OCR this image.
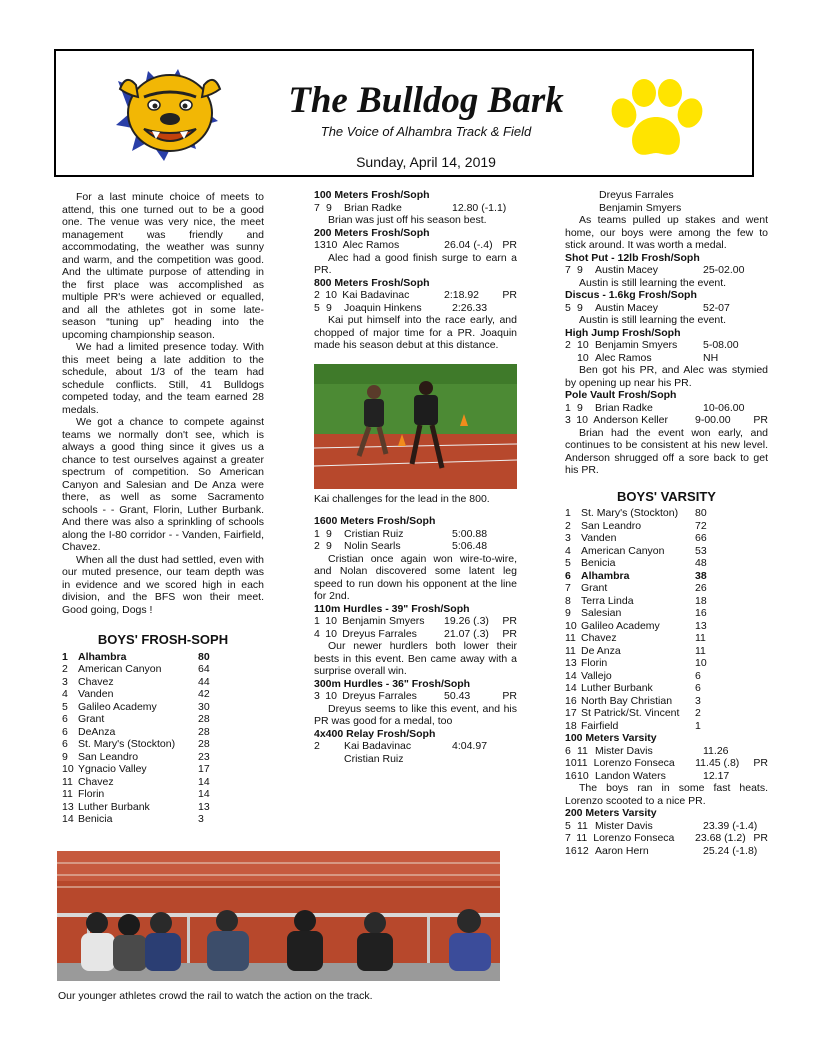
The Bulldog Bark
The Voice of Alhambra Track & Field
Sunday, April 14, 2019

For a last minute choice of meets to attend, this one turned out to be a good one. The venue was very nice, the meet management was friendly and accommodating, the weather was sunny and warm, and the competition was good. And the ultimate purpose of attending in the first place was accomplished as multiple PR's were achieved or equalled, and all the athletes got in some late-season “tuning up” heading into the upcoming championship season.

We had a limited presence today. With this meet being a late addition to the schedule, about 1/3 of the team had schedule conflicts. Still, 41 Bulldogs competed today, and the team earned 28 medals.

We got a chance to compete against teams we normally don't see, which is always a good thing since it gives us a chance to test ourselves against a greater spectrum of competition. So American Canyon and Salesian and De Anza were there, as well as some Sacramento schools - - Grant, Florin, Luther Burbank. And there was also a sprinkling of schools along the I-80 corridor - - Vanden, Fairfield, Chavez.

When all the dust had settled, even with our muted presence, our team depth was in evidence and we scored high in each division, and the BFS won their meet. Good going, Dogs !

BOYS' FROSH-SOPH
1 Alhambra	80
2 American Canyon	64
3 Chavez	44
4 Vanden	42
5 Galileo Academy	30
6 Grant	28
6 DeAnza	28
6 St. Mary's (Stockton)	28
9 San Leandro	23
10 Ygnacio Valley	17
11 Chavez	14
11 Florin	14
13 Luther Burbank	13
14 Benicia	3
Our younger athletes crowd the rail to watch the action on the track.
100 Meters Frosh/Soph
7 9	Brian Radke	12.80 (-1.1)
Brian was just off his season best.
200 Meters Frosh/Soph
13 10 Alec Ramos	26.04 (-.4) PR
Alec had a good finish surge to earn a PR.
800 Meters Frosh/Soph
2 10 Kai Badavinac	2:18.92	PR
5 9	Joaquin Hinkens	2:26.33
Kai put himself into the race early, and chopped of major time for a PR. Joaquin made his season debut at this distance.
Kai challenges for the lead in the 800.
1600 Meters Frosh/Soph
1 9	Cristian Ruiz	5:00.88
2 9	Nolin Searls	5:06.48
Cristian once again won wire-to-wire, and Nolan discovered some latent leg speed to run down his opponent at the line for 2nd.
110m Hurdles - 39" Frosh/Soph
1 10 Benjamin Smyers	19.26 (.3)	PR
4 10 Dreyus Farrales	21.07 (.3)	PR
Our newer hurdlers both lower their bests in this event. Ben came away with a surprise overall win.
300m Hurdles - 36" Frosh/Soph
3 10 Dreyus Farrales	50.43	PR
Dreyus seems to like this event, and his PR was good for a medal, too
4x400 Relay Frosh/Soph
2	Kai Badavinac	4:04.97
Cristian Ruiz
Dreyus Farrales
Benjamin Smyers
As teams pulled up stakes and went home, our boys were among the few to stick around. It was worth a medal.
Shot Put - 12lb Frosh/Soph
7 9	Austin Macey	25-02.00
Austin is still learning the event.
Discus - 1.6kg Frosh/Soph
5 9	Austin Macey	52-07
Austin is still learning the event.
High Jump Frosh/Soph
2 10 Benjamin Smyers	5-08.00
10 Alec Ramos	NH
Ben got his PR, and Alec was stymied by opening up near his PR.
Pole Vault Frosh/Soph
1 9	Brian Radke	10-06.00
3 10 Anderson Keller	9-00.00	PR
Brian had the event won early, and continues to be consistent at his new level. Anderson shrugged off a sore back to get his PR.
BOYS' VARSITY
1 St. Mary's (Stockton)	80
2 San Leandro	72
3 Vanden	66
4 American Canyon	53
5 Benicia	48
6 Alhambra	38
7 Grant	26
8 Terra Linda	18
9 Salesian	16
10 Galileo Academy	13
11 Chavez	11
11 De Anza	11
13 Florin	10
14 Vallejo	6
14 Luther Burbank	6
16 North Bay Christian	3
17 St Patrick/St. Vincent	2
18 Fairfield	1
100 Meters Varsity
6 11 Mister Davis	11.26
10 11 Lorenzo Fonseca	11.45 (.8)	PR
16 10 Landon Waters	12.17
The boys ran in some fast heats. Lorenzo scooted to a nice PR.
200 Meters Varsity
5 11 Mister Davis	23.39 (-1.4)
7 11 Lorenzo Fonseca	23.68 (1.2) PR
16 12 Aaron Hern	25.24 (-1.8)
